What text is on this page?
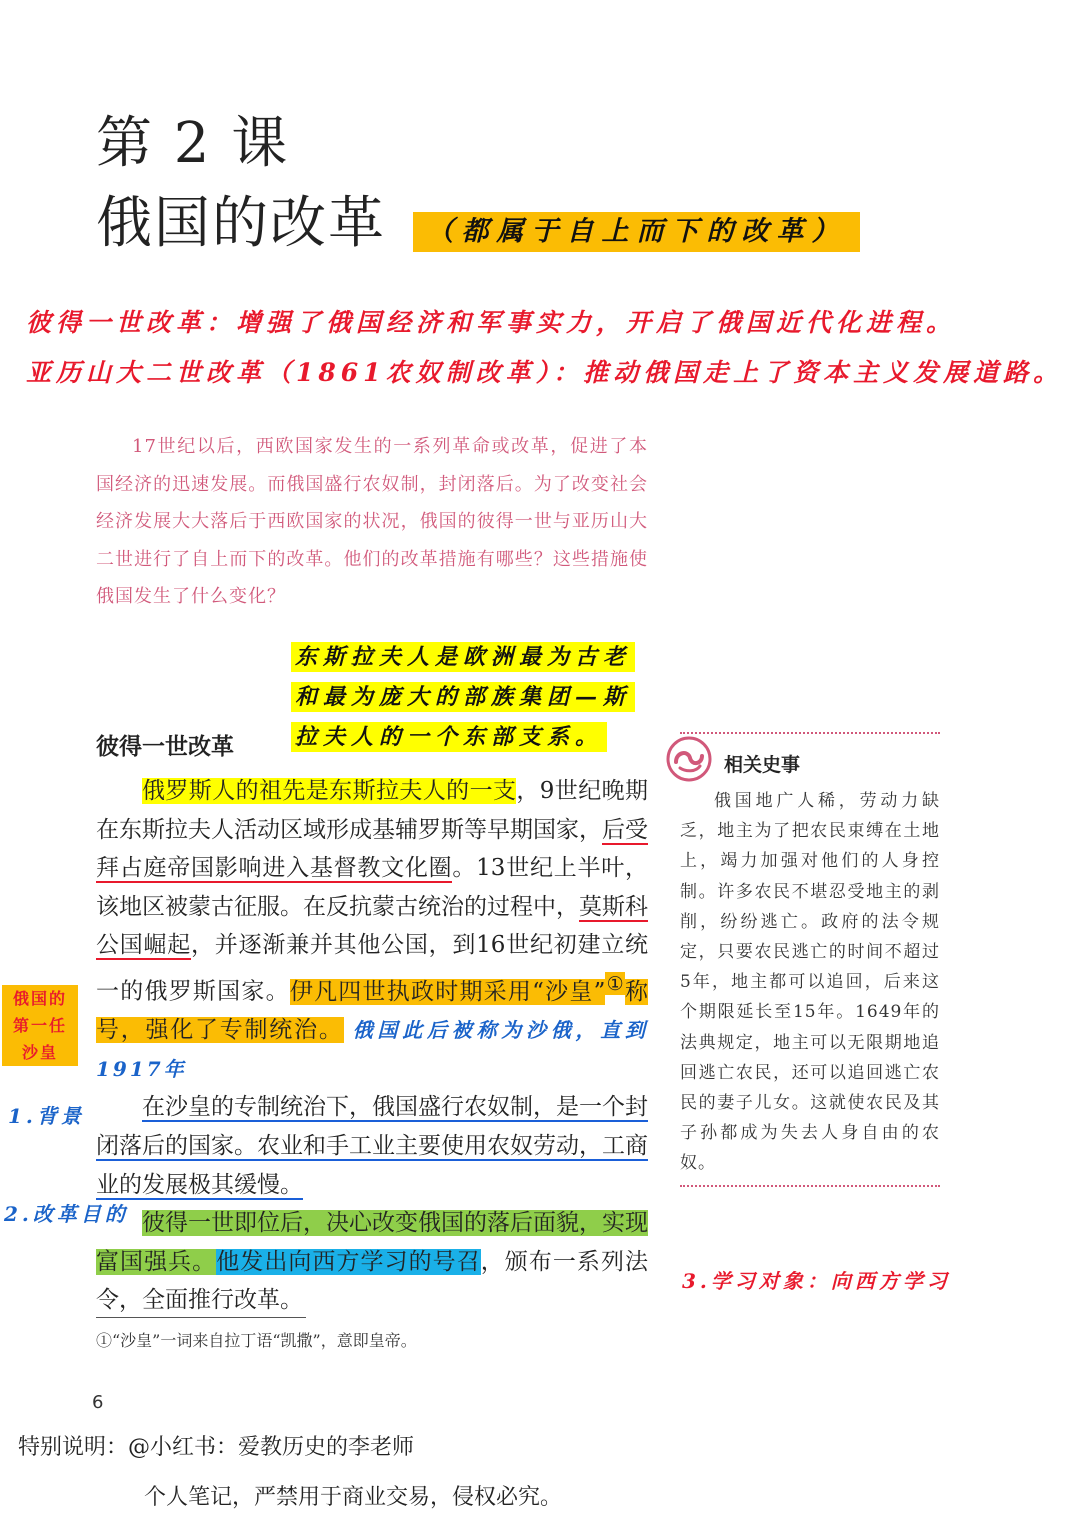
第 2 课
俄国的改革	（都属于自上而下的改革）
彼得一世改革：增强了俄国经济和军事实力，开启了俄国近代化进程。
亚历山大二世改革（1861农奴制改革）：推动俄国走上了资本主义发展道路。

17世纪以后，西欧国家发生的一系列革命或改革，促进了本国经济的迅速发展。而俄国盛行农奴制，封闭落后。为了改变社会经济发展大大落后于西欧国家的状况，俄国的彼得一世与亚历山大二世进行了自上而下的改革。他们的改革措施有哪些？这些措施使俄国发生了什么变化？

东斯拉夫人是欧洲最为古老
和最为庞大的部族集团—斯
拉夫人的一个东部支系。
彼得一世改革

俄罗斯人的祖先是东斯拉夫人的一支，9世纪晚期在东斯拉夫人活动区域形成基辅罗斯等早期国家，后受拜占庭帝国影响进入基督教文化圈。13世纪上半叶，该地区被蒙古征服。在反抗蒙古统治的过程中，莫斯科公国崛起，并逐渐兼并其他公国，到16世纪初建立统一的俄罗斯国家。伊凡四世执政时期采用“沙皇”①称号，强化了专制统治。 俄国此后被称为沙俄，直到1917年

在沙皇的专制统治下，俄国盛行农奴制，是一个封闭落后的国家。农业和手工业主要使用农奴劳动，工商业的发展极其缓慢。

彼得一世即位后，决心改变俄国的落后面貌，实现富国强兵。他发出向西方学习的号召，颁布一系列法令，全面推行改革。

俄国的
第一任
沙皇
1.背景
2.改革目的
相关史事

俄国地广人稀，劳动力缺乏，地主为了把农民束缚在土地上，竭力加强对他们的人身控制。许多农民不堪忍受地主的剥削，纷纷逃亡。政府的法令规定，只要农民逃亡的时间不超过5年，地主都可以追回，后来这个期限延长至15年。1649年的法典规定，地主可以无限期地追回逃亡农民，还可以追回逃亡农民的妻子儿女。这就使农民及其子孙都成为失去人身自由的农奴。

3.学习对象：向西方学习
①“沙皇”一词来自拉丁语“凯撒”，意即皇帝。
6
特别说明：@小红书：爱教历史的李老师
个人笔记，严禁用于商业交易，侵权必究。
